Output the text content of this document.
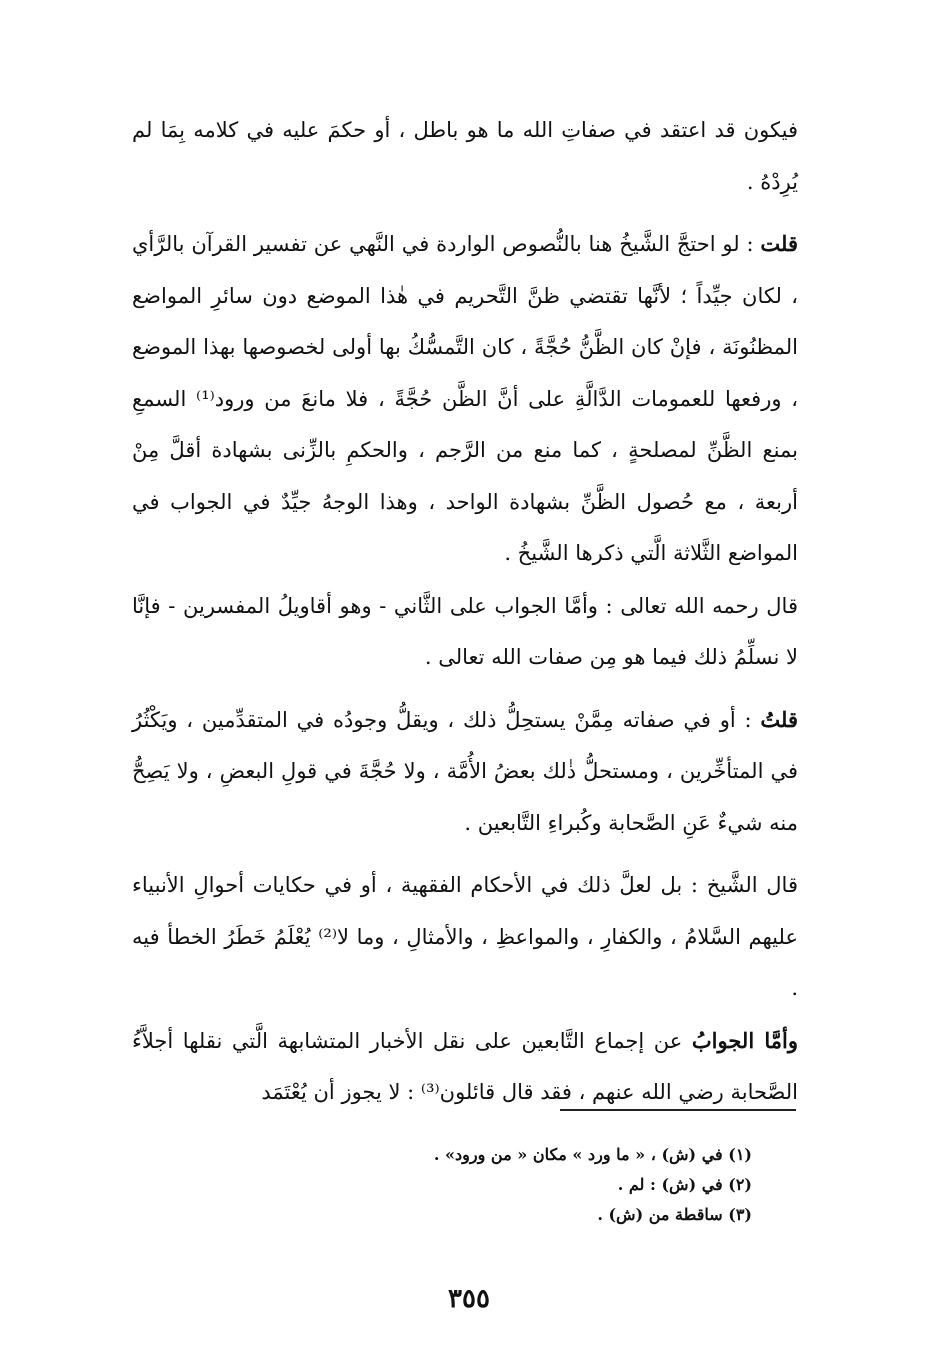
فيكون قد اعتقد في صفاتِ الله ما هو باطل ، أو حكمَ عليه في كلامه بِمَا لم يُرِدْهُ .

قلت : لو احتجَّ الشَّيخُ هنا بالنُّصوص الواردة في النَّهي عن تفسير القرآن بالرَّأي ، لكان جيِّداً ؛ لأنَّها تقتضي ظنَّ التَّحريم في هٰذا الموضع دون سائرِ المواضع المظنُونَة ، فإنْ كان الظَّنُّ حُجَّةً ، كان التَّمسُّكُ بها أولى لخصوصها بهذا الموضع ، ورفعها للعمومات الدَّالَّةِ على أنَّ الظَّن حُجَّةً ، فلا مانعَ من ورود⁽¹⁾ السمعِ بمنع الظَّنِّ لمصلحةٍ ، كما منع من الرَّجم ، والحكمِ بالزِّنى بشهادة أقلَّ مِنْ أربعة ، مع حُصول الظَّنِّ بشهادة الواحد ، وهذا الوجهُ جيِّدٌ في الجواب في المواضع الثَّلاثة الَّتي ذكرها الشَّيخُ .

قال رحمه الله تعالى : وأمَّا الجواب على الثَّاني - وهو أقاويلُ المفسرين - فإنَّا لا نسلِّمُ ذلك فيما هو مِن صفات الله تعالى .

قلتُ : أو في صفاته مِمَّنْ يستحِلُّ ذلك ، ويقلُّ وجودُه في المتقدِّمين ، ويَكْثُرُ في المتأخِّرين ، ومستحلُّ ذٰلك بعضُ الأُمَّة ، ولا حُجَّةَ في قولِ البعضِ ، ولا يَصِحُّ منه شيءٌ عَنِ الصَّحابة وكُبراءِ التَّابعين .

قال الشَّيخ : بل لعلَّ ذلك في الأحكام الفقهية ، أو في حكايات أحوالِ الأنبياء عليهم السَّلامُ ، والكفارِ ، والمواعظِ ، والأمثالِ ، وما لا⁽²⁾ يُعْلَمُ خَطَرُ الخطأ فيه .

وأمَّا الجوابُ عن إجماع التَّابعين على نقل الأخبار المتشابهة الَّتي نقلها أجلاَّءُ الصَّحابة رضي الله عنهم ، فقد قال قائلون⁽³⁾ : لا يجوز أن يُعْتَمَد

(١) في (ش) ، « ما ورد » مكان « من ورود» .

(٢) في (ش) : لم .

(٣) ساقطة من (ش) .

٣٥٥
